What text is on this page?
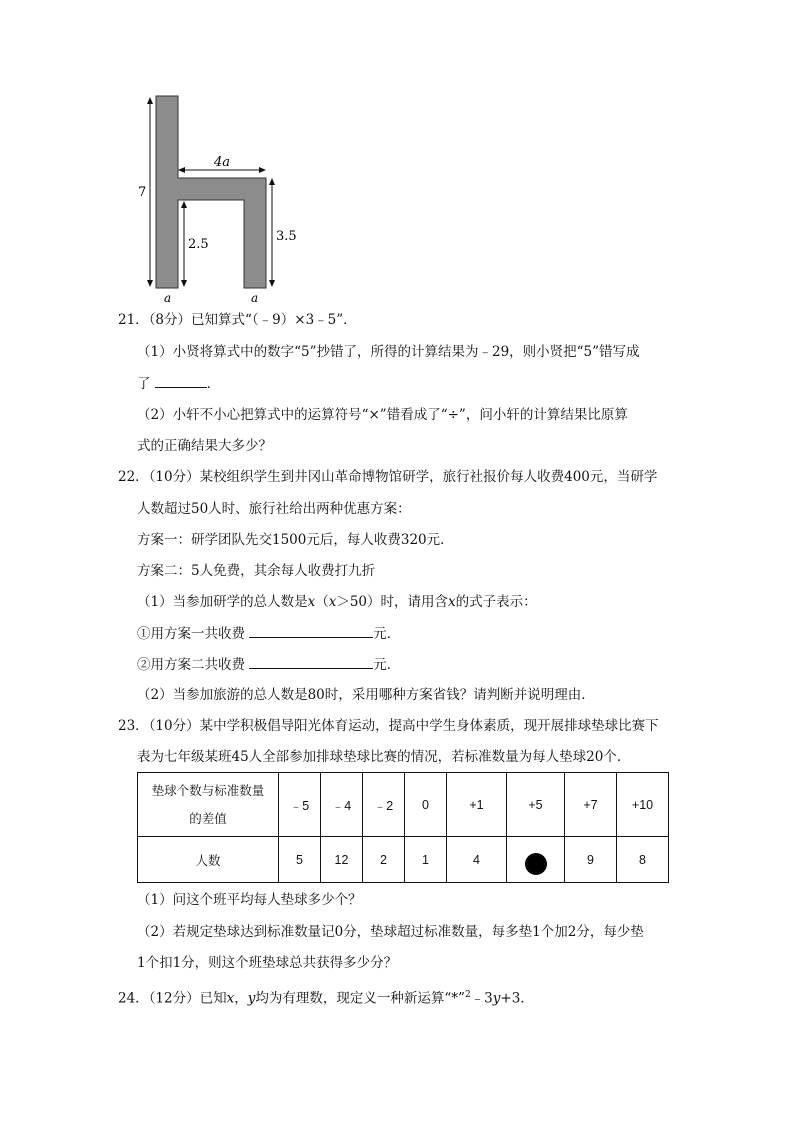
7
4a
2.5
3.5
a	a
21．（8分）已知算式“（﹣9）×3﹣5”．
（1）小贤将算式中的数字“5”抄错了，所得的计算结果为﹣29，则小贤把“5”错写成
了	．
（2）小轩不小心把算式中的运算符号“×”错看成了“÷”，问小轩的计算结果比原算
式的正确结果大多少？
22．（10分）某校组织学生到井冈山革命博物馆研学，旅行社报价每人收费400元，当研学
人数超过50人时、旅行社给出两种优惠方案：
方案一：研学团队先交1500元后，每人收费320元．
方案二：5人免费，其余每人收费打九折
（1）当参加研学的总人数是x（x＞50）时，请用含x的式子表示：
①用方案一共收费	元．
②用方案二共收费	元．
（2）当参加旅游的总人数是80时，采用哪种方案省钱？请判断并说明理由．
23．（10分）某中学积极倡导阳光体育运动，提高中学生身体素质，现开展排球垫球比赛下
表为七年级某班45人全部参加排球垫球比赛的情况，若标准数量为每人垫球20个．
垫球个数与标准数量
的差值	﹣5	﹣4	﹣2	0	+1	+5	+7	+10
人数	5	12	2	1	4		9	8
（1）问这个班平均每人垫球多少个？
（2）若规定垫球达到标准数量记0分，垫球超过标准数量，每多垫1个加2分，每少垫
1个扣1分，则这个班垫球总共获得多少分？
24．（12分）已知x，y均为有理数，现定义一种新运算“*”$^2$﹣3y+3．
